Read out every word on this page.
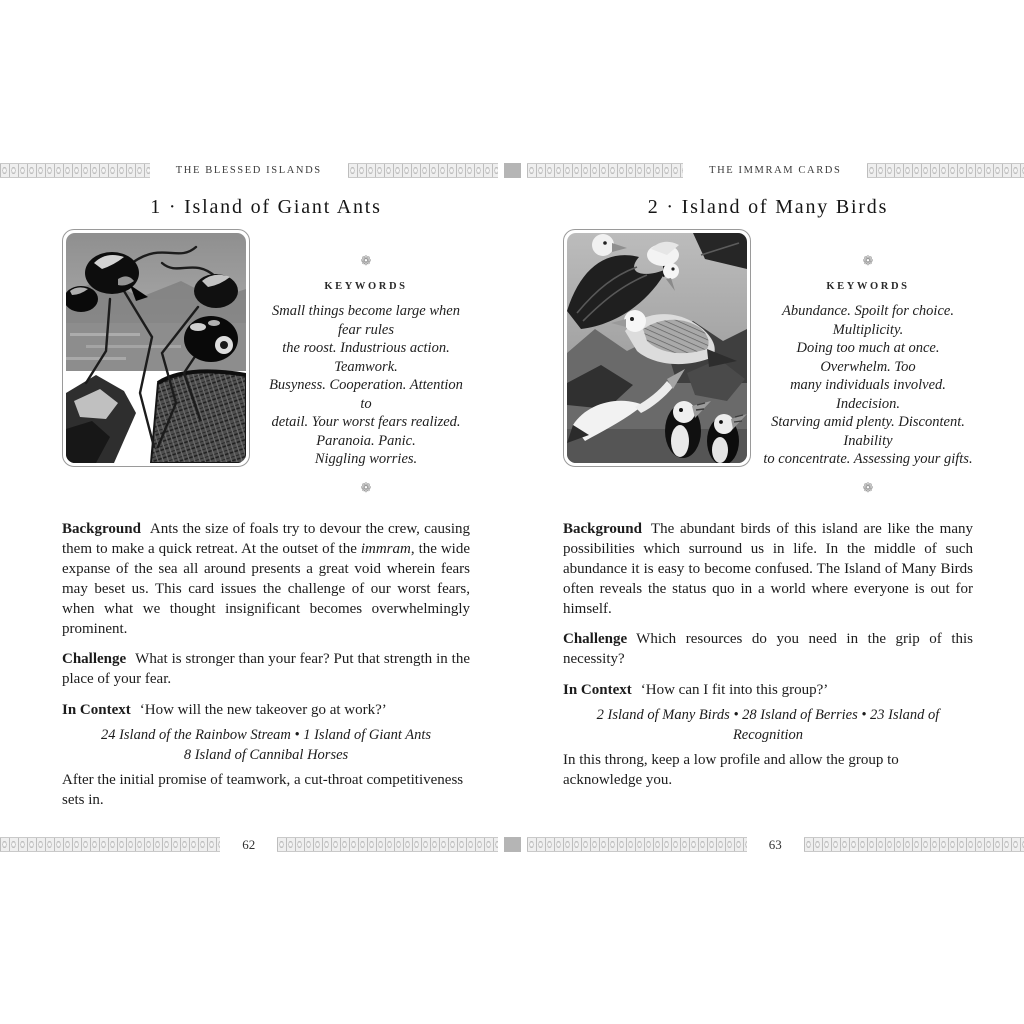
THE BLESSED ISLANDS	THE IMMRAM CARDS
1 · Island of Giant Ants
❁
KEYWORDS
Small things become large when fear rules
the roost. Industrious action. Teamwork.
Busyness. Cooperation. Attention to
detail. Your worst fears realized.
Paranoia. Panic.
Niggling worries.
❁

Background Ants the size of foals try to devour the crew, causing them to make a quick retreat. At the outset of the immram, the wide expanse of the sea all around presents a great void wherein fears may beset us. This card issues the challenge of our worst fears, when what we thought insignificant becomes overwhelmingly prominent.

Challenge What is stronger than your fear? Put that strength in the place of your fear.

In Context ‘How will the new takeover go at work?’

24 Island of the Rainbow Stream • 1 Island of Giant Ants
8 Island of Cannibal Horses

After the initial promise of teamwork, a cut-throat competitiveness sets in.

2 · Island of Many Birds
❁
KEYWORDS
Abundance. Spoilt for choice. Multiplicity.
Doing too much at once. Overwhelm. Too
many individuals involved. Indecision.
Starving amid plenty. Discontent. Inability
to concentrate. Assessing your gifts.
❁

Background The abundant birds of this island are like the many possibilities which surround us in life. In the middle of such abundance it is easy to become confused. The Island of Many Birds often reveals the status quo in a world where everyone is out for himself.

Challenge Which resources do you need in the grip of this necessity?

In Context ‘How can I fit into this group?’

2 Island of Many Birds • 28 Island of Berries • 23 Island of Recognition

In this throng, keep a low profile and allow the group to acknowledge you.

62	63
